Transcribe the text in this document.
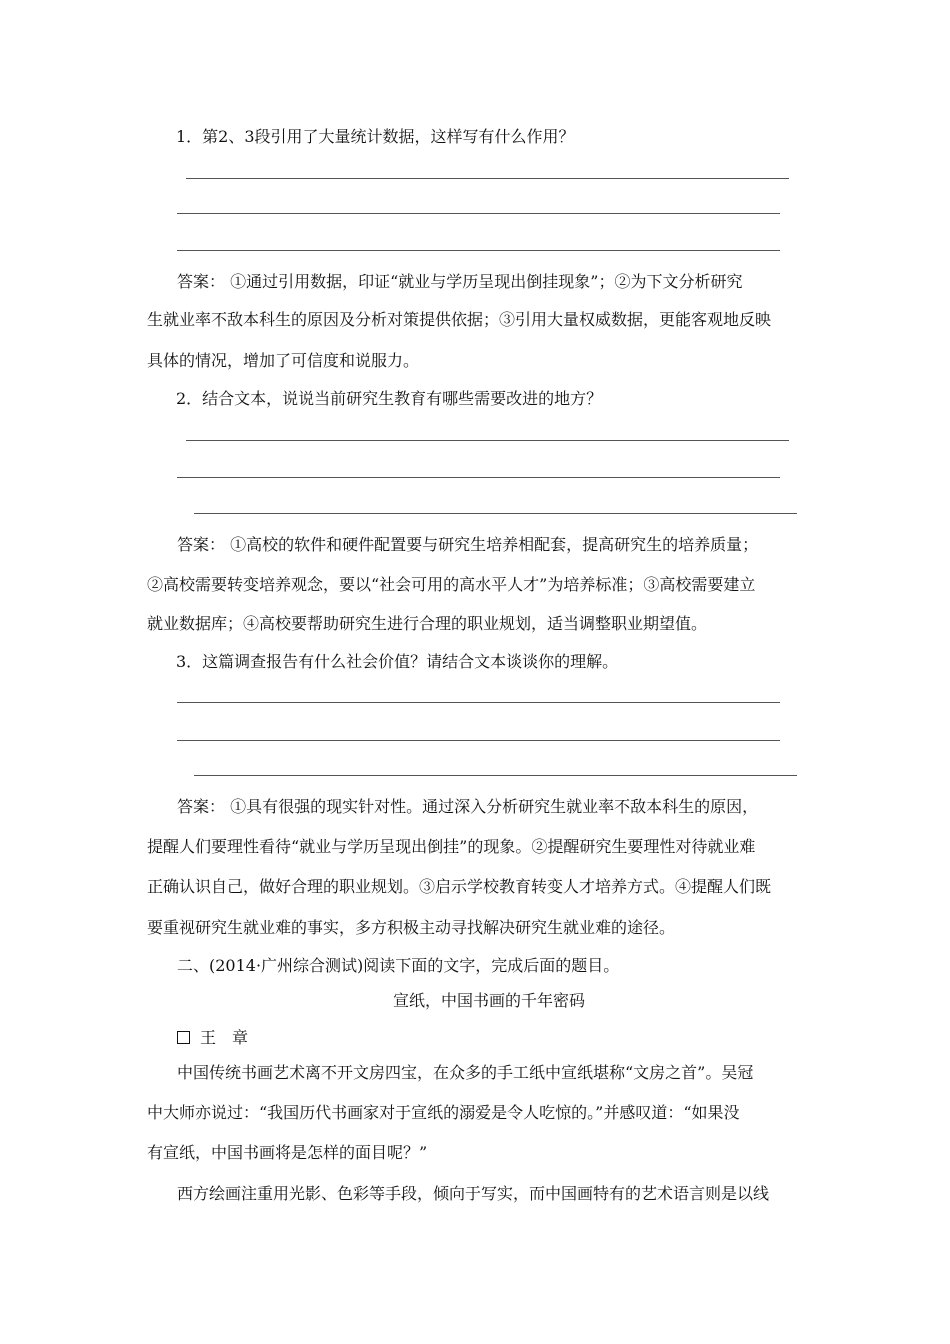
1．第2、3段引用了大量统计数据，这样写有什么作用？
答案： ①通过引用数据，印证“就业与学历呈现出倒挂现象”；②为下文分析研究
生就业率不敌本科生的原因及分析对策提供依据；③引用大量权威数据，更能客观地反映
具体的情况，增加了可信度和说服力。
2．结合文本，说说当前研究生教育有哪些需要改进的地方？
答案： ①高校的软件和硬件配置要与研究生培养相配套，提高研究生的培养质量；
②高校需要转变培养观念，要以“社会可用的高水平人才”为培养标准；③高校需要建立
就业数据库；④高校要帮助研究生进行合理的职业规划，适当调整职业期望值。
3．这篇调查报告有什么社会价值？请结合文本谈谈你的理解。
答案： ①具有很强的现实针对性。通过深入分析研究生就业率不敌本科生的原因，
提醒人们要理性看待“就业与学历呈现出倒挂”的现象。②提醒研究生要理性对待就业难
正确认识自己，做好合理的职业规划。③启示学校教育转变人才培养方式。④提醒人们既
要重视研究生就业难的事实，多方积极主动寻找解决研究生就业难的途径。
二、(2014·广州综合测试)阅读下面的文字，完成后面的题目。
宣纸，中国书画的千年密码
王　章
中国传统书画艺术离不开文房四宝，在众多的手工纸中宣纸堪称“文房之首”。吴冠
中大师亦说过：“我国历代书画家对于宣纸的溺爱是令人吃惊的。”并感叹道：“如果没
有宣纸，中国书画将是怎样的面目呢？”
西方绘画注重用光影、色彩等手段，倾向于写实，而中国画特有的艺术语言则是以线
